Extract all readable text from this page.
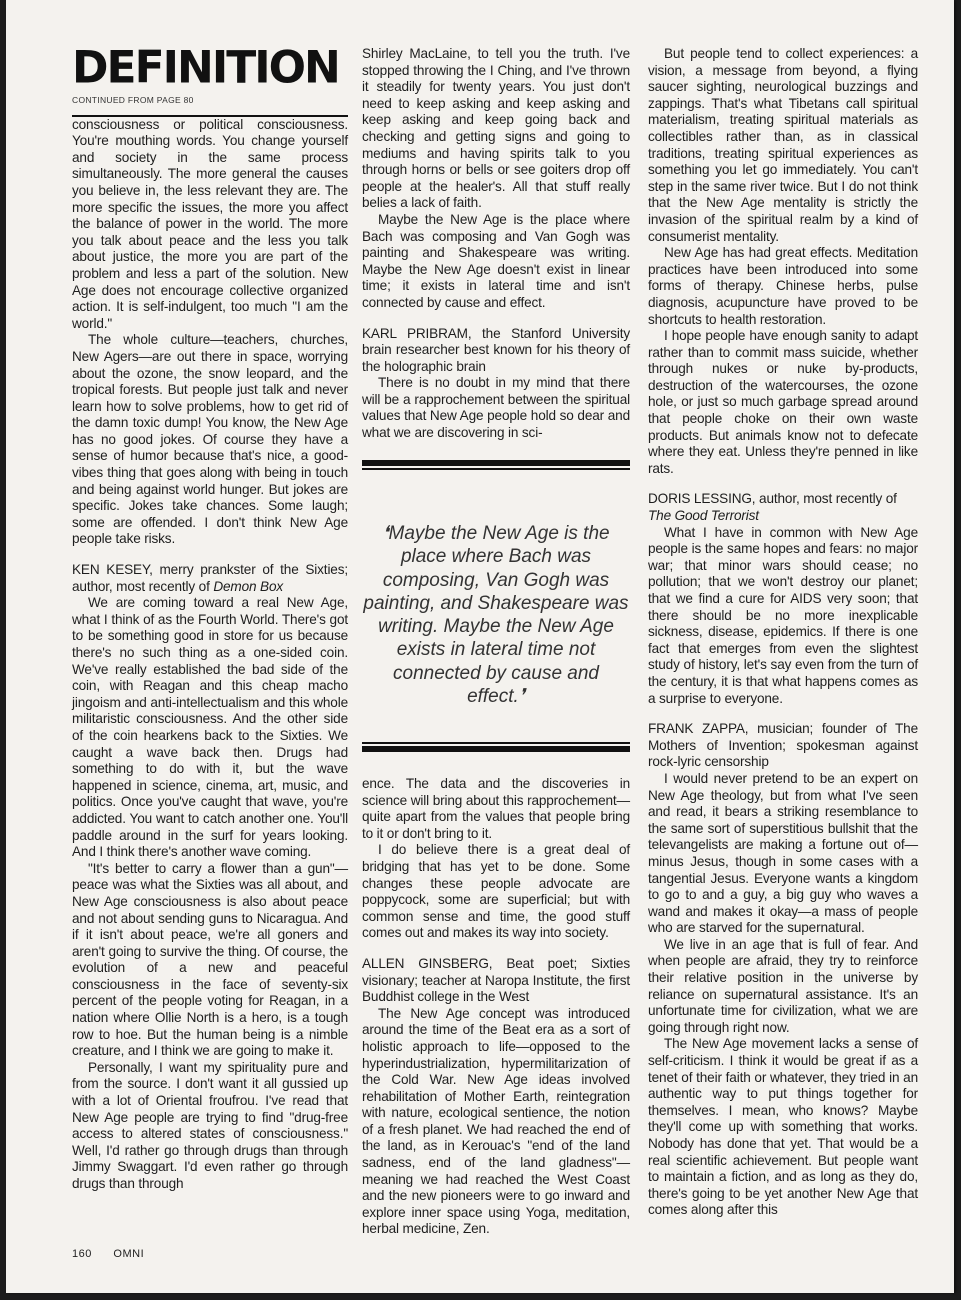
DEFINITION
CONTINUED FROM PAGE 80

consciousness or political consciousness. You're mouthing words. You change yourself and society in the same process simultaneously. The more general the causes you believe in, the less relevant they are. The more specific the issues, the more you affect the balance of power in the world. The more you talk about peace and the less you talk about justice, the more you are part of the problem and less a part of the solution. New Age does not encourage collective organized action. It is self-indulgent, too much "I am the world."

The whole culture—teachers, churches, New Agers—are out there in space, worrying about the ozone, the snow leopard, and the tropical forests. But people just talk and never learn how to solve problems, how to get rid of the damn toxic dump! You know, the New Age has no good jokes. Of course they have a sense of humor because that's nice, a good-vibes thing that goes along with being in touch and being against world hunger. But jokes are specific. Jokes take chances. Some laugh; some are offended. I don't think New Age people take risks.

KEN KESEY, merry prankster of the Sixties; author, most recently of Demon Box

We are coming toward a real New Age, what I think of as the Fourth World. There's got to be something good in store for us because there's no such thing as a one-sided coin. We've really established the bad side of the coin, with Reagan and this cheap macho jingoism and anti-intellectualism and this whole militaristic consciousness. And the other side of the coin hearkens back to the Sixties. We caught a wave back then. Drugs had something to do with it, but the wave happened in science, cinema, art, music, and politics. Once you've caught that wave, you're addicted. You want to catch another one. You'll paddle around in the surf for years looking. And I think there's another wave coming.

"It's better to carry a flower than a gun"—peace was what the Sixties was all about, and New Age consciousness is also about peace and not about sending guns to Nicaragua. And if it isn't about peace, we're all goners and aren't going to survive the thing. Of course, the evolution of a new and peaceful consciousness in the face of seventy-six percent of the people voting for Reagan, in a nation where Ollie North is a hero, is a tough row to hoe. But the human being is a nimble creature, and I think we are going to make it.

Personally, I want my spirituality pure and from the source. I don't want it all gussied up with a lot of Oriental froufrou. I've read that New Age people are trying to find "drug-free access to altered states of consciousness." Well, I'd rather go through drugs than through Jimmy Swaggart. I'd even rather go through drugs than through

Shirley MacLaine, to tell you the truth. I've stopped throwing the I Ching, and I've thrown it steadily for twenty years. You just don't need to keep asking and keep asking and keep asking and keep going back and checking and getting signs and going to mediums and having spirits talk to you through horns or bells or see goiters drop off people at the healer's. All that stuff really belies a lack of faith.

Maybe the New Age is the place where Bach was composing and Van Gogh was painting and Shakespeare was writing. Maybe the New Age doesn't exist in linear time; it exists in lateral time and isn't connected by cause and effect.

KARL PRIBRAM, the Stanford University brain researcher best known for his theory of the holographic brain

There is no doubt in my mind that there will be a rapprochement between the spiritual values that New Age people hold so dear and what we are discovering in sci-

❛Maybe the New Age is the place where Bach was composing, Van Gogh was painting, and Shakespeare was writing. Maybe the New Age exists in lateral time not connected by cause and effect.❜

ence. The data and the discoveries in science will bring about this rapprochement—quite apart from the values that people bring to it or don't bring to it.

I do believe there is a great deal of bridging that has yet to be done. Some changes these people advocate are poppycock, some are superficial; but with common sense and time, the good stuff comes out and makes its way into society.

ALLEN GINSBERG, Beat poet; Sixties visionary; teacher at Naropa Institute, the first Buddhist college in the West

The New Age concept was introduced around the time of the Beat era as a sort of holistic approach to life—opposed to the hyperindustrialization, hypermilitarization of the Cold War. New Age ideas involved rehabilitation of Mother Earth, reintegration with nature, ecological sentience, the notion of a fresh planet. We had reached the end of the land, as in Kerouac's "end of the land sadness, end of the land gladness"—meaning we had reached the West Coast and the new pioneers were to go inward and explore inner space using Yoga, meditation, herbal medicine, Zen.

But people tend to collect experiences: a vision, a message from beyond, a flying saucer sighting, neurological buzzings and zappings. That's what Tibetans call spiritual materialism, treating spiritual materials as collectibles rather than, as in classical traditions, treating spiritual experiences as something you let go immediately. You can't step in the same river twice. But I do not think that the New Age mentality is strictly the invasion of the spiritual realm by a kind of consumerist mentality.

New Age has had great effects. Meditation practices have been introduced into some forms of therapy. Chinese herbs, pulse diagnosis, acupuncture have proved to be shortcuts to health restoration.

I hope people have enough sanity to adapt rather than to commit mass suicide, whether through nukes or nuke by-products, destruction of the watercourses, the ozone hole, or just so much garbage spread around that people choke on their own waste products. But animals know not to defecate where they eat. Unless they're penned in like rats.

DORIS LESSING, author, most recently of
The Good Terrorist

What I have in common with New Age people is the same hopes and fears: no major war; that minor wars should cease; no pollution; that we won't destroy our planet; that we find a cure for AIDS very soon; that there should be no more inexplicable sickness, disease, epidemics. If there is one fact that emerges from even the slightest study of history, let's say even from the turn of the century, it is that what happens comes as a surprise to everyone.

FRANK ZAPPA, musician; founder of The Mothers of Invention; spokesman against rock-lyric censorship

I would never pretend to be an expert on New Age theology, but from what I've seen and read, it bears a striking resemblance to the same sort of superstitious bullshit that the televangelists are making a fortune out of—minus Jesus, though in some cases with a tangential Jesus. Everyone wants a kingdom to go to and a guy, a big guy who waves a wand and makes it okay—a mass of people who are starved for the supernatural.

We live in an age that is full of fear. And when people are afraid, they try to reinforce their relative position in the universe by reliance on supernatural assistance. It's an unfortunate time for civilization, what we are going through right now.

The New Age movement lacks a sense of self-criticism. I think it would be great if as a tenet of their faith or whatever, they tried in an authentic way to put things together for themselves. I mean, who knows? Maybe they'll come up with something that works. Nobody has done that yet. That would be a real scientific achievement. But people want to maintain a fiction, and as long as they do, there's going to be yet another New Age that comes along after this

160 OMNI
